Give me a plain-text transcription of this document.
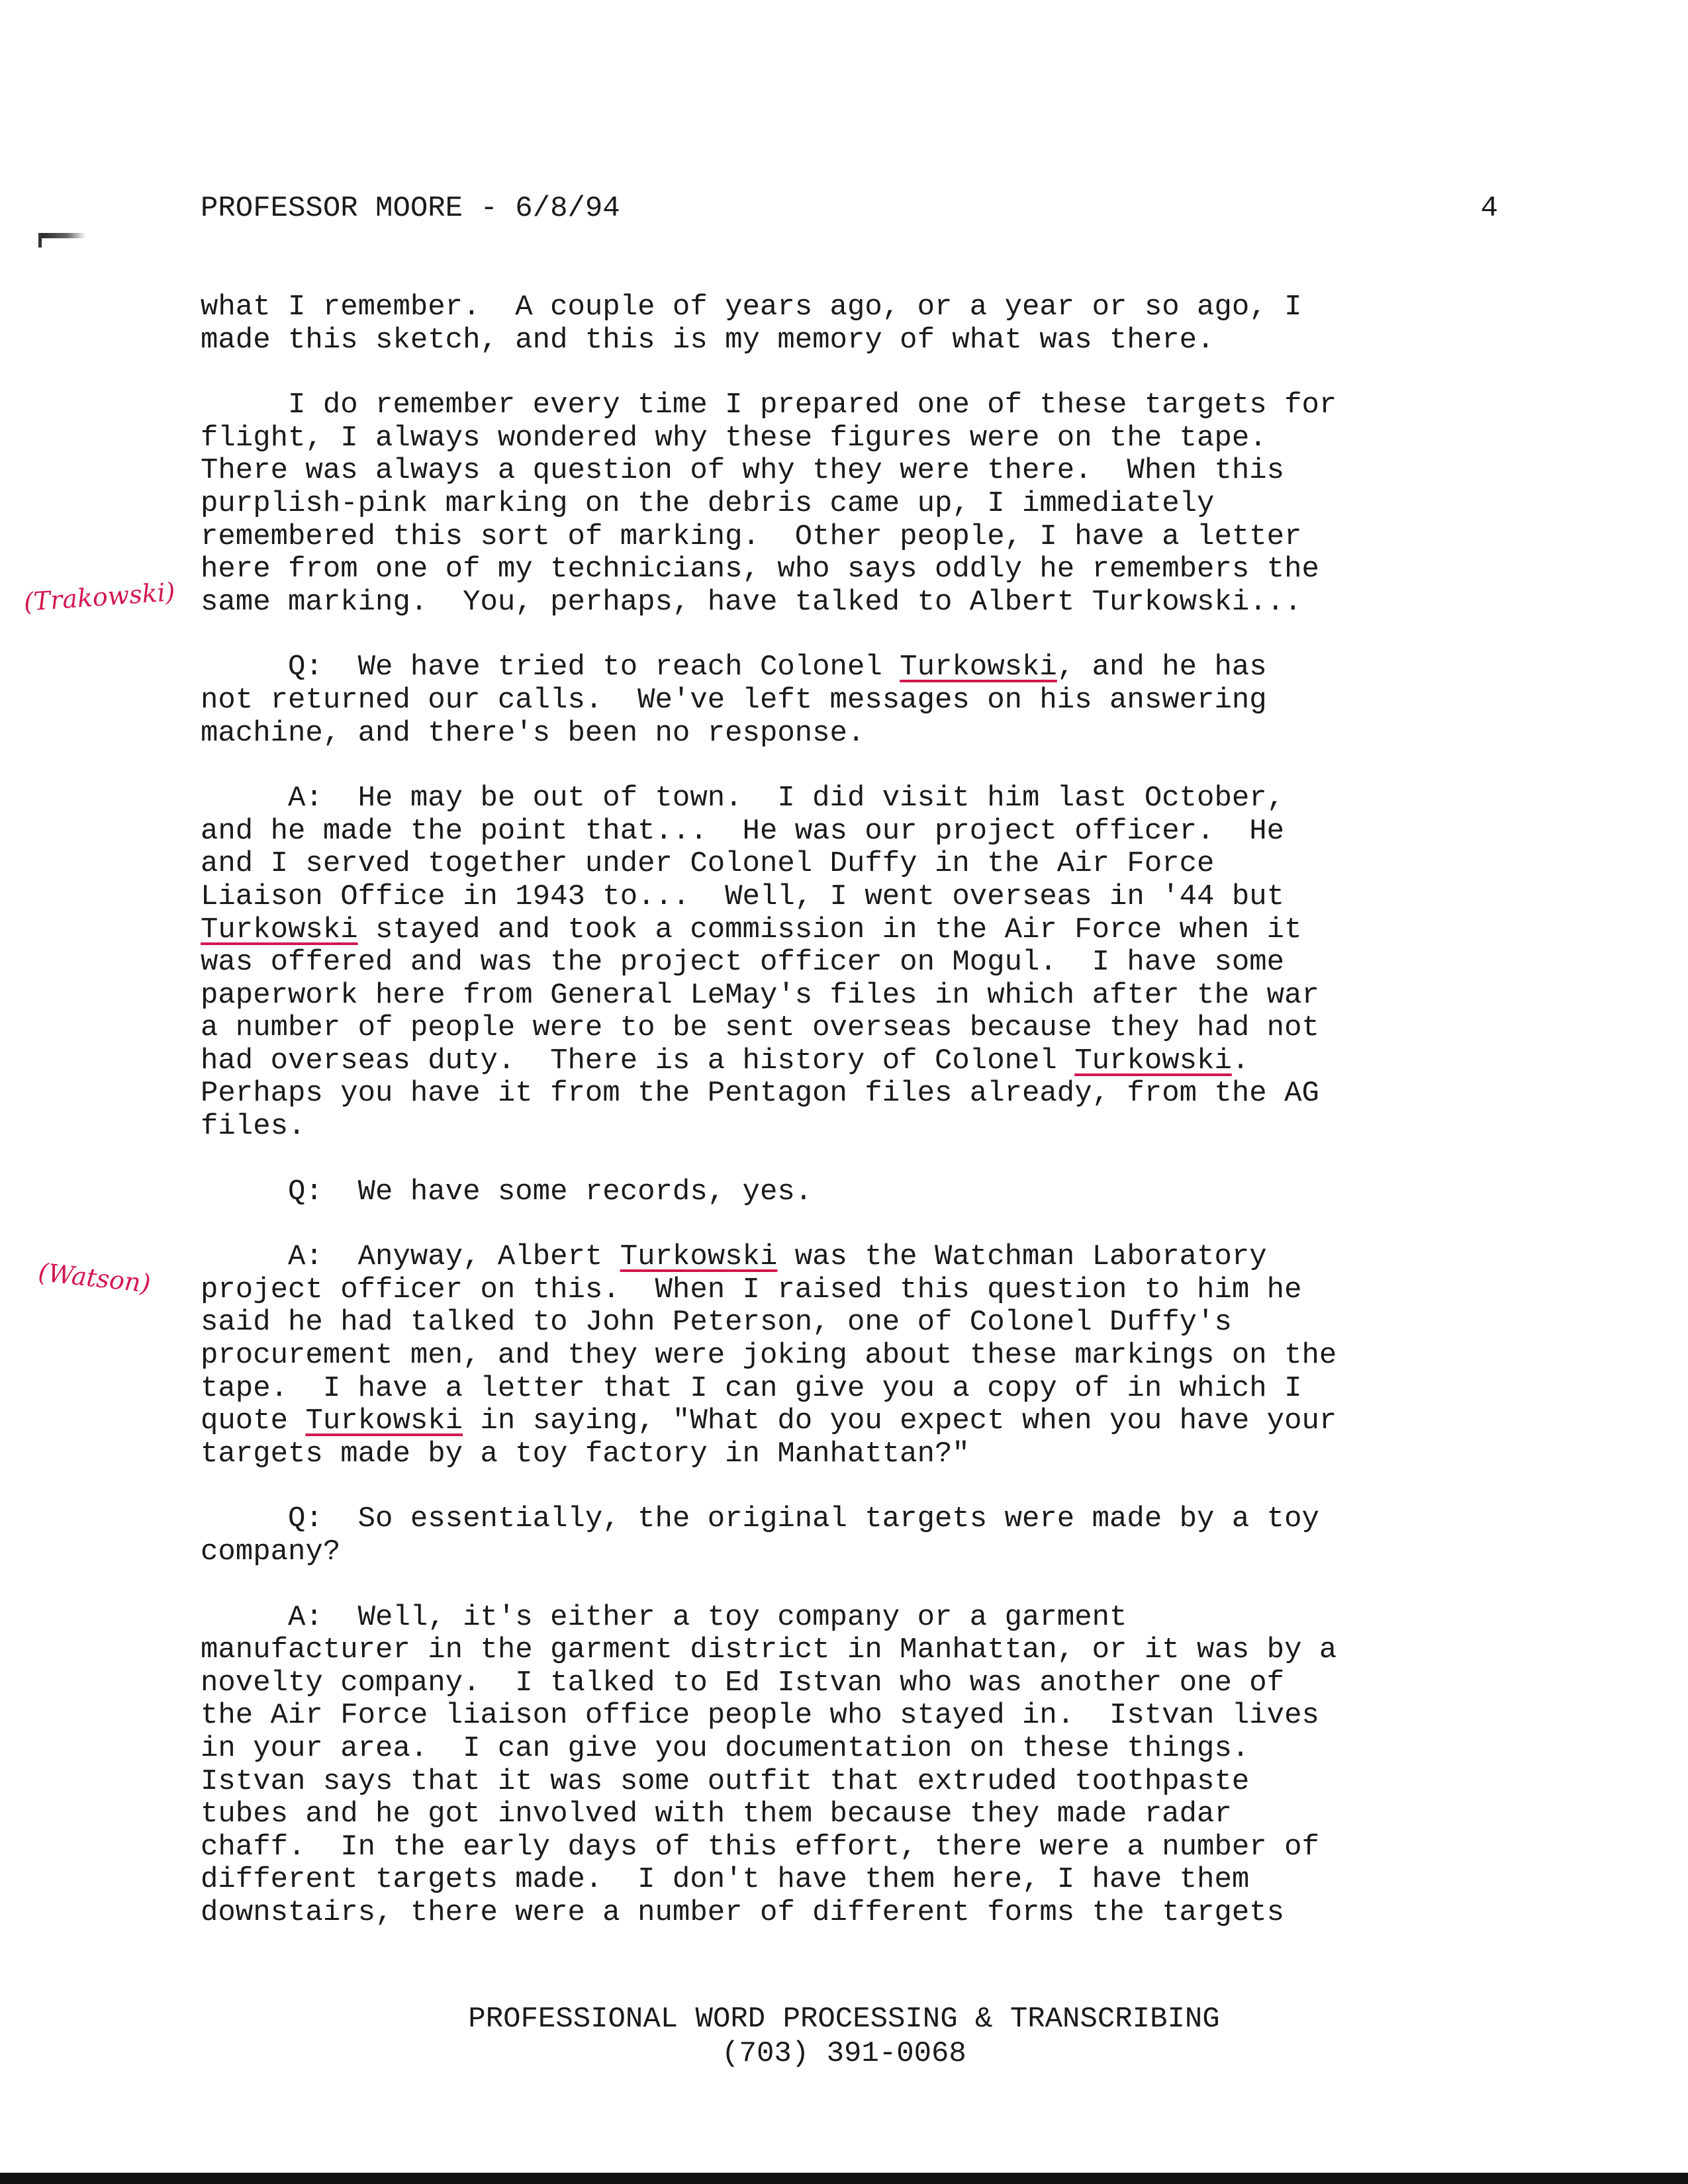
PROFESSOR MOORE - 6/8/94	4
(Trakowski)
(Watson)
what I remember.  A couple of years ago, or a year or so ago, I
made this sketch, and this is my memory of what was there.
I do remember every time I prepared one of these targets for
flight, I always wondered why these figures were on the tape.
There was always a question of why they were there.  When this
purplish-pink marking on the debris came up, I immediately
remembered this sort of marking.  Other people, I have a letter
here from one of my technicians, who says oddly he remembers the
same marking.  You, perhaps, have talked to Albert Turkowski...
Q:  We have tried to reach Colonel Turkowski, and he has
not returned our calls.  We've left messages on his answering
machine, and there's been no response.
A:  He may be out of town.  I did visit him last October,
and he made the point that...  He was our project officer.  He
and I served together under Colonel Duffy in the Air Force
Liaison Office in 1943 to...  Well, I went overseas in '44 but
Turkowski stayed and took a commission in the Air Force when it
was offered and was the project officer on Mogul.  I have some
paperwork here from General LeMay's files in which after the war
a number of people were to be sent overseas because they had not
had overseas duty.  There is a history of Colonel Turkowski.
Perhaps you have it from the Pentagon files already, from the AG
files.
Q:  We have some records, yes.
A:  Anyway, Albert Turkowski was the Watchman Laboratory
project officer on this.  When I raised this question to him he
said he had talked to John Peterson, one of Colonel Duffy's
procurement men, and they were joking about these markings on the
tape.  I have a letter that I can give you a copy of in which I
quote Turkowski in saying, "What do you expect when you have your
targets made by a toy factory in Manhattan?"
Q:  So essentially, the original targets were made by a toy
company?
A:  Well, it's either a toy company or a garment
manufacturer in the garment district in Manhattan, or it was by a
novelty company.  I talked to Ed Istvan who was another one of
the Air Force liaison office people who stayed in.  Istvan lives
in your area.  I can give you documentation on these things.
Istvan says that it was some outfit that extruded toothpaste
tubes and he got involved with them because they made radar
chaff.  In the early days of this effort, there were a number of
different targets made.  I don't have them here, I have them
downstairs, there were a number of different forms the targets
PROFESSIONAL WORD PROCESSING & TRANSCRIBING
(703) 391-0068
